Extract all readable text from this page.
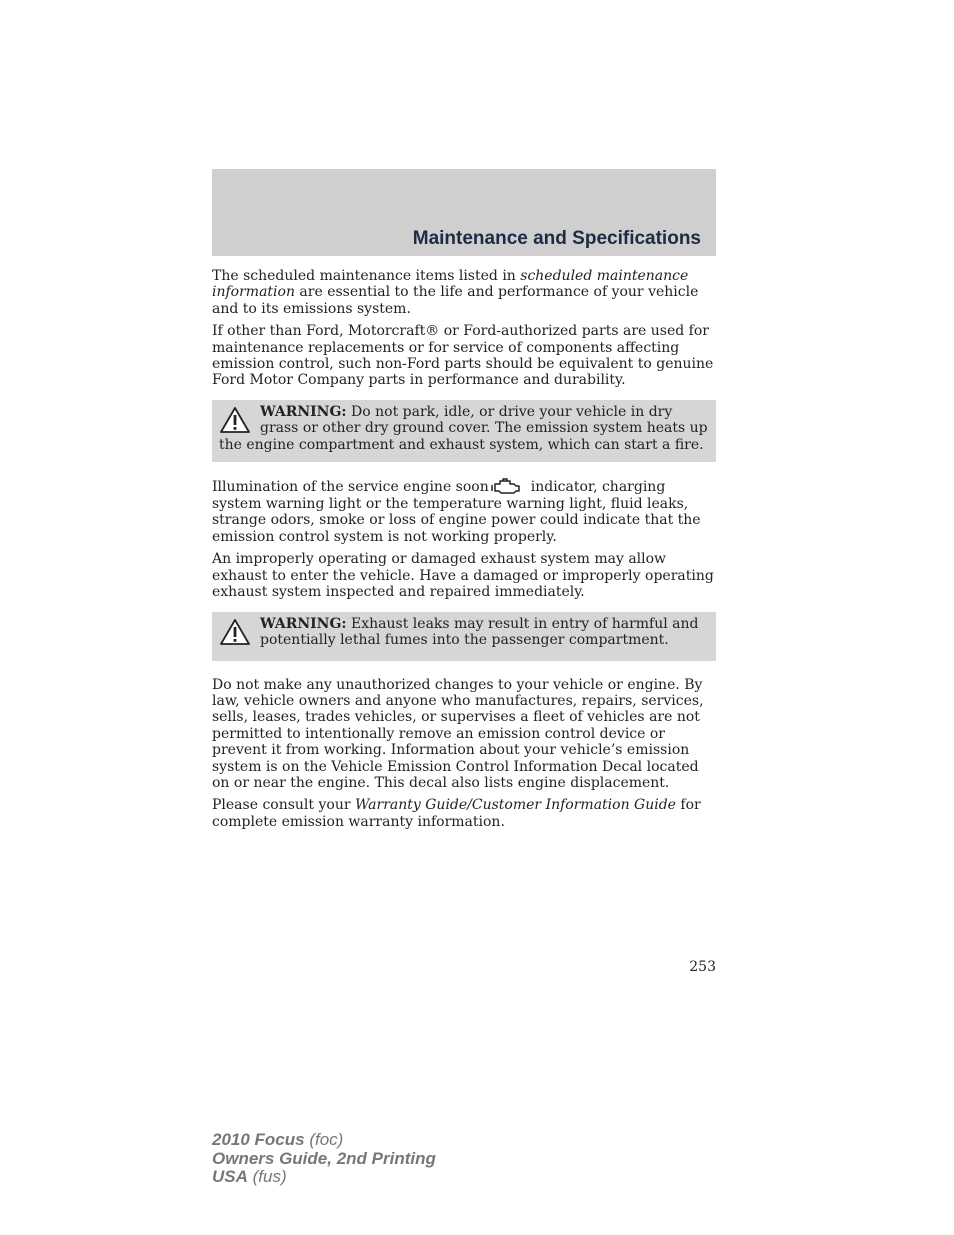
Maintenance and Specifications

The scheduled maintenance items listed in scheduled maintenance information are essential to the life and performance of your vehicle and to its emissions system.

If other than Ford, Motorcraft® or Ford-authorized parts are used for maintenance replacements or for service of components affecting emission control, such non-Ford parts should be equivalent to genuine Ford Motor Company parts in performance and durability.

WARNING: Do not park, idle, or drive your vehicle in dry grass or other dry ground cover. The emission system heats up the engine compartment and exhaust system, which can start a fire.

Illumination of the service engine soon	indicator, charging system warning light or the temperature warning light, fluid leaks, strange odors, smoke or loss of engine power could indicate that the emission control system is not working properly.

An improperly operating or damaged exhaust system may allow exhaust to enter the vehicle. Have a damaged or improperly operating exhaust system inspected and repaired immediately.

WARNING: Exhaust leaks may result in entry of harmful and potentially lethal fumes into the passenger compartment.

Do not make any unauthorized changes to your vehicle or engine. By law, vehicle owners and anyone who manufactures, repairs, services, sells, leases, trades vehicles, or supervises a fleet of vehicles are not permitted to intentionally remove an emission control device or prevent it from working. Information about your vehicle’s emission system is on the Vehicle Emission Control Information Decal located on or near the engine. This decal also lists engine displacement.

Please consult your Warranty Guide/Customer Information Guide for complete emission warranty information.

253
2010 Focus (foc)
Owners Guide, 2nd Printing
USA (fus)
